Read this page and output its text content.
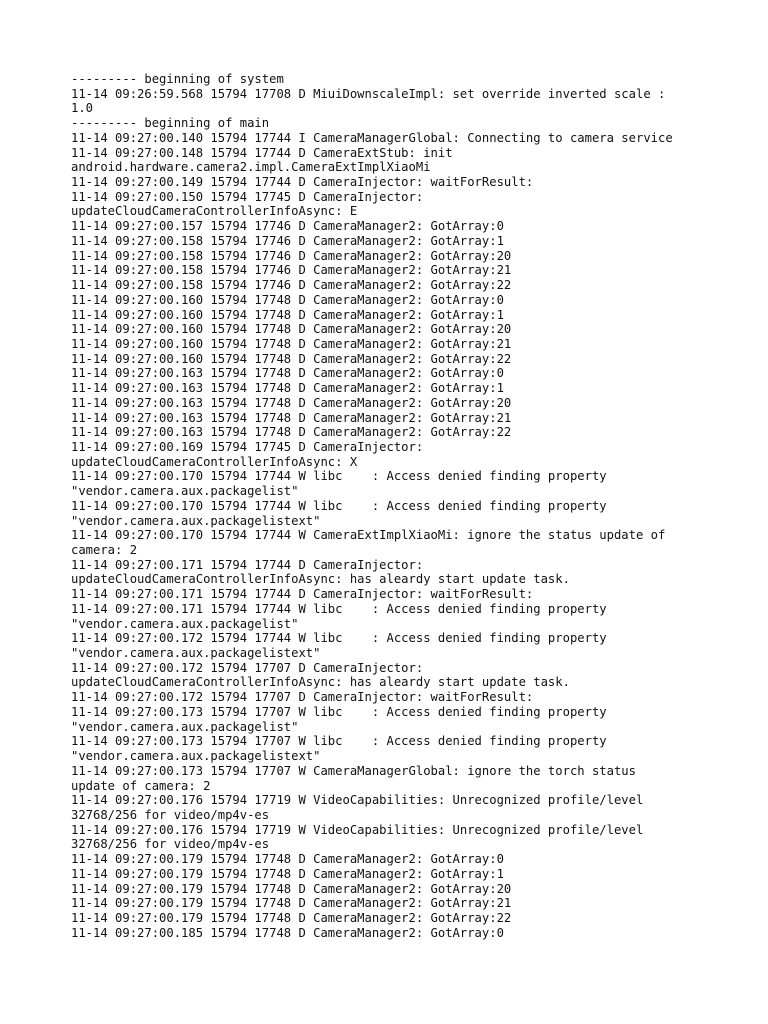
--------- beginning of system
11-14 09:26:59.568 15794 17708 D MiuiDownscaleImpl: set override inverted scale :
1.0
--------- beginning of main
11-14 09:27:00.140 15794 17744 I CameraManagerGlobal: Connecting to camera service
11-14 09:27:00.148 15794 17744 D CameraExtStub: init
android.hardware.camera2.impl.CameraExtImplXiaoMi
11-14 09:27:00.149 15794 17744 D CameraInjector: waitForResult:
11-14 09:27:00.150 15794 17745 D CameraInjector:
updateCloudCameraControllerInfoAsync: E
11-14 09:27:00.157 15794 17746 D CameraManager2: GotArray:0
11-14 09:27:00.158 15794 17746 D CameraManager2: GotArray:1
11-14 09:27:00.158 15794 17746 D CameraManager2: GotArray:20
11-14 09:27:00.158 15794 17746 D CameraManager2: GotArray:21
11-14 09:27:00.158 15794 17746 D CameraManager2: GotArray:22
11-14 09:27:00.160 15794 17748 D CameraManager2: GotArray:0
11-14 09:27:00.160 15794 17748 D CameraManager2: GotArray:1
11-14 09:27:00.160 15794 17748 D CameraManager2: GotArray:20
11-14 09:27:00.160 15794 17748 D CameraManager2: GotArray:21
11-14 09:27:00.160 15794 17748 D CameraManager2: GotArray:22
11-14 09:27:00.163 15794 17748 D CameraManager2: GotArray:0
11-14 09:27:00.163 15794 17748 D CameraManager2: GotArray:1
11-14 09:27:00.163 15794 17748 D CameraManager2: GotArray:20
11-14 09:27:00.163 15794 17748 D CameraManager2: GotArray:21
11-14 09:27:00.163 15794 17748 D CameraManager2: GotArray:22
11-14 09:27:00.169 15794 17745 D CameraInjector:
updateCloudCameraControllerInfoAsync: X
11-14 09:27:00.170 15794 17744 W libc    : Access denied finding property
"vendor.camera.aux.packagelist"
11-14 09:27:00.170 15794 17744 W libc    : Access denied finding property
"vendor.camera.aux.packagelistext"
11-14 09:27:00.170 15794 17744 W CameraExtImplXiaoMi: ignore the status update of
camera: 2
11-14 09:27:00.171 15794 17744 D CameraInjector:
updateCloudCameraControllerInfoAsync: has aleardy start update task.
11-14 09:27:00.171 15794 17744 D CameraInjector: waitForResult:
11-14 09:27:00.171 15794 17744 W libc    : Access denied finding property
"vendor.camera.aux.packagelist"
11-14 09:27:00.172 15794 17744 W libc    : Access denied finding property
"vendor.camera.aux.packagelistext"
11-14 09:27:00.172 15794 17707 D CameraInjector:
updateCloudCameraControllerInfoAsync: has aleardy start update task.
11-14 09:27:00.172 15794 17707 D CameraInjector: waitForResult:
11-14 09:27:00.173 15794 17707 W libc    : Access denied finding property
"vendor.camera.aux.packagelist"
11-14 09:27:00.173 15794 17707 W libc    : Access denied finding property
"vendor.camera.aux.packagelistext"
11-14 09:27:00.173 15794 17707 W CameraManagerGlobal: ignore the torch status
update of camera: 2
11-14 09:27:00.176 15794 17719 W VideoCapabilities: Unrecognized profile/level
32768/256 for video/mp4v-es
11-14 09:27:00.176 15794 17719 W VideoCapabilities: Unrecognized profile/level
32768/256 for video/mp4v-es
11-14 09:27:00.179 15794 17748 D CameraManager2: GotArray:0
11-14 09:27:00.179 15794 17748 D CameraManager2: GotArray:1
11-14 09:27:00.179 15794 17748 D CameraManager2: GotArray:20
11-14 09:27:00.179 15794 17748 D CameraManager2: GotArray:21
11-14 09:27:00.179 15794 17748 D CameraManager2: GotArray:22
11-14 09:27:00.185 15794 17748 D CameraManager2: GotArray:0
